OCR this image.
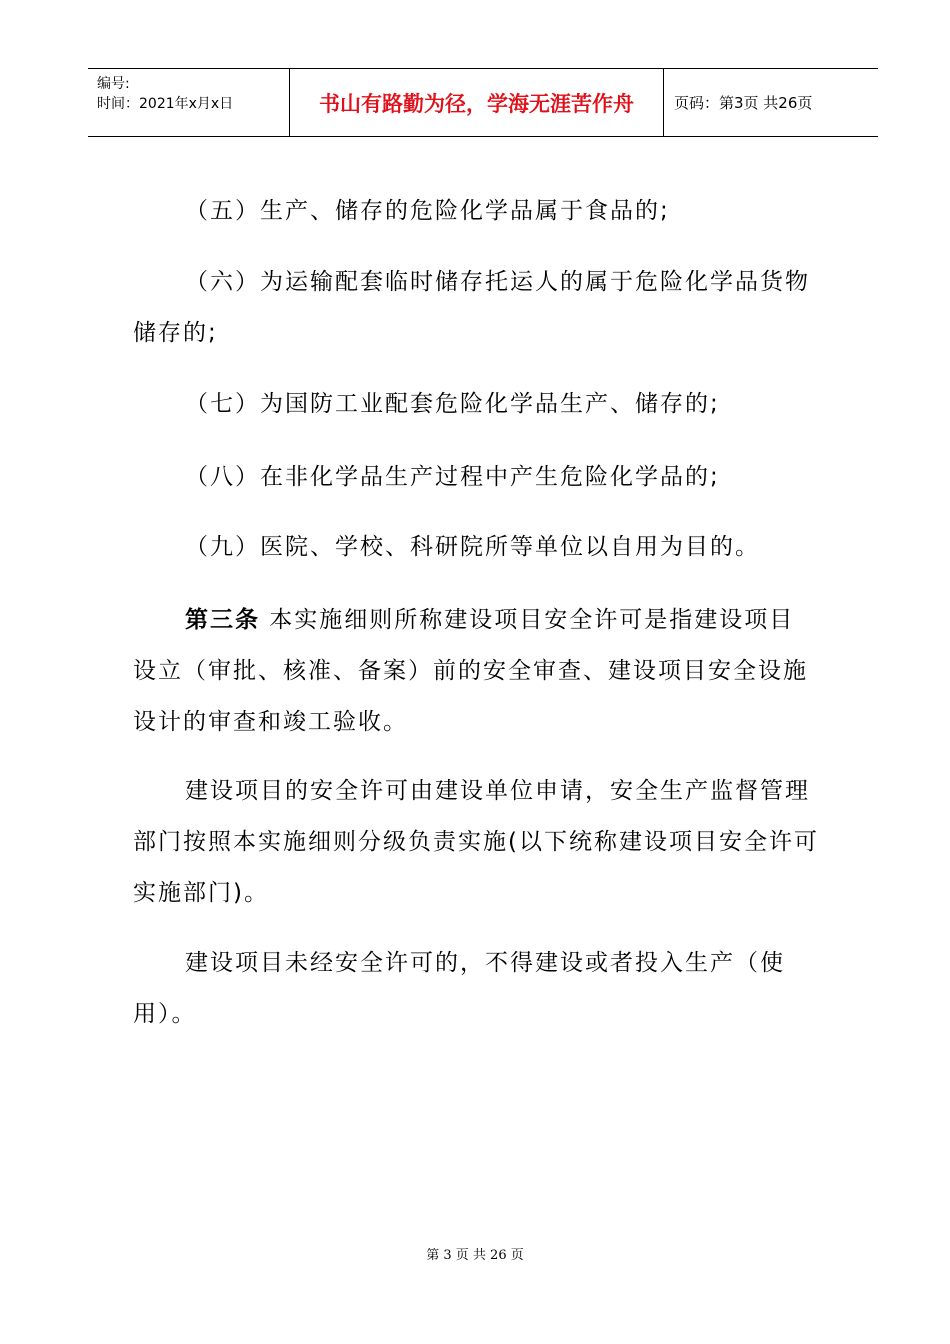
编号:
时间：2021年x月x日	书山有路勤为径，学海无涯苦作舟	页码：第3页 共26页
（五）生产、储存的危险化学品属于食品的;
（六）为运输配套临时储存托运人的属于危险化学品货物
储存的;
（七）为国防工业配套危险化学品生产、储存的;
（八）在非化学品生产过程中产生危险化学品的;
（九）医院、学校、科研院所等单位以自用为目的。
第三条 本实施细则所称建设项目安全许可是指建设项目
设立（审批、核准、备案）前的安全审查、建设项目安全设施
设计的审查和竣工验收。
建设项目的安全许可由建设单位申请，安全生产监督管理
部门按照本实施细则分级负责实施(以下统称建设项目安全许可
实施部门)。
建设项目未经安全许可的，不得建设或者投入生产（使
用）。
第 3 页 共 26 页
